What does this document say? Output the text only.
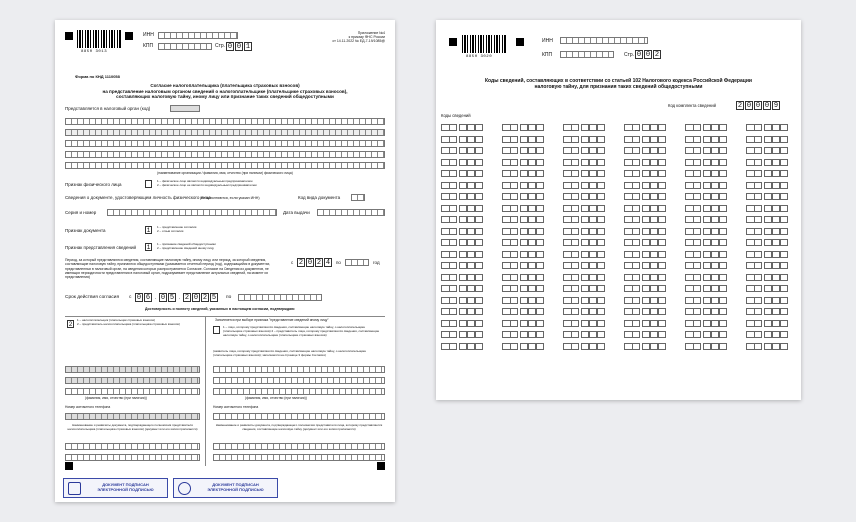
8850 3013
ИНН
КПП	Стр. 0 0 1
Приложение №4
к приказу ФНС России
от 14.11.2022 № ЕД-7-19/1085@
Форма по КНД 1110058
Согласие налогоплательщика (плательщика страховых взносов)
на представление налоговым органом сведений о налогоплательщике (плательщике страховых взносов),
составляющих налоговую тайну, иному лицу или признание таких сведений общедоступными
Представляется в налоговый орган (код)
(наименование организации / фамилия, имя, отчество (при наличии) физического лица)
Признак физического лица
1 – физическое лицо является индивидуальным предпринимателем
2 – физическое лицо не является индивидуальным предпринимателем
Сведения о документе, удостоверяющем личность физического лица
(не заполняются, если указан ИНН)	Код вида документа
Серия и номер	Дата выдачи
Признак документа	1	1 – представление согласия
2 – отзыв согласия
Признак представления сведений 1	1 – признание сведений общедоступными
2 – представление сведений иному лицу
Период, за который представляются сведения, составляющие налоговую тайну, иному лицу, или период, за который сведения, составляющие налоговую тайну, признаются общедоступными (указывается отчетный период (год), содержащийся в документах, представленных в налоговый орган, на сведения которых распространяется Согласие. Согласие на Сведения из документов, не имеющих периодичности представления в налоговый орган, подразумевает представление актуальных сведений, на момент их представления)
с 2 0 2 4	по	год
Срок действия согласия с 0 6 . 0 5 . 2 0 2 5	по
Достоверность и полноту сведений, указанных в настоящем согласии, подтверждаю:
2
1 – налогоплательщик (плательщик страховых взносов)
2 – представитель налогоплательщика (плательщика страховых взносов)
Заполняется при выборе признака "представление сведений иному лицу"
1 – лицо, которому представляются сведения, составляющие налоговую тайну, о налогоплательщике (плательщике страховых взносов) 2 – представитель лица, которому представляются сведения, составляющие налоговую тайну, о налогоплательщике (плательщике страховых взносов)
(заявитель лица, которому представляются сведения, составляющие налоговую тайну, о налогоплательщике (плательщике страховых взносов); заполняется на странице 3 формы Согласия)
(фамилия, имя, отчество (при наличии))	(фамилия, имя, отчество (при наличии))
Номер контактного телефона	Номер контактного телефона
Наименование и реквизиты документа, подтверждающего полномочия представителя налогоплательщика (плательщика страховых взносов) (документ или его копия прилагается)
Наименование и реквизиты документа, подтверждающего полномочия представителя лица, которому представляются сведения, составляющие налоговую тайну (документ или его копия прилагается)
ДОКУМЕНТ ПОДПИСАН
ЭЛЕКТРОННОЙ ПОДПИСЬЮ
ДОКУМЕНТ ПОДПИСАН
ЭЛЕКТРОННОЙ ПОДПИСЬЮ
8850 3020
ИНН
КПП	Стр. 0 0 2
Коды сведений, составляющих в соответствии со статьей 102 Налогового кодекса Российской Федерации
налоговую тайну, для признания таких сведений общедоступными
Код комплекта сведений	2 0 0 0 9
Коды сведений
